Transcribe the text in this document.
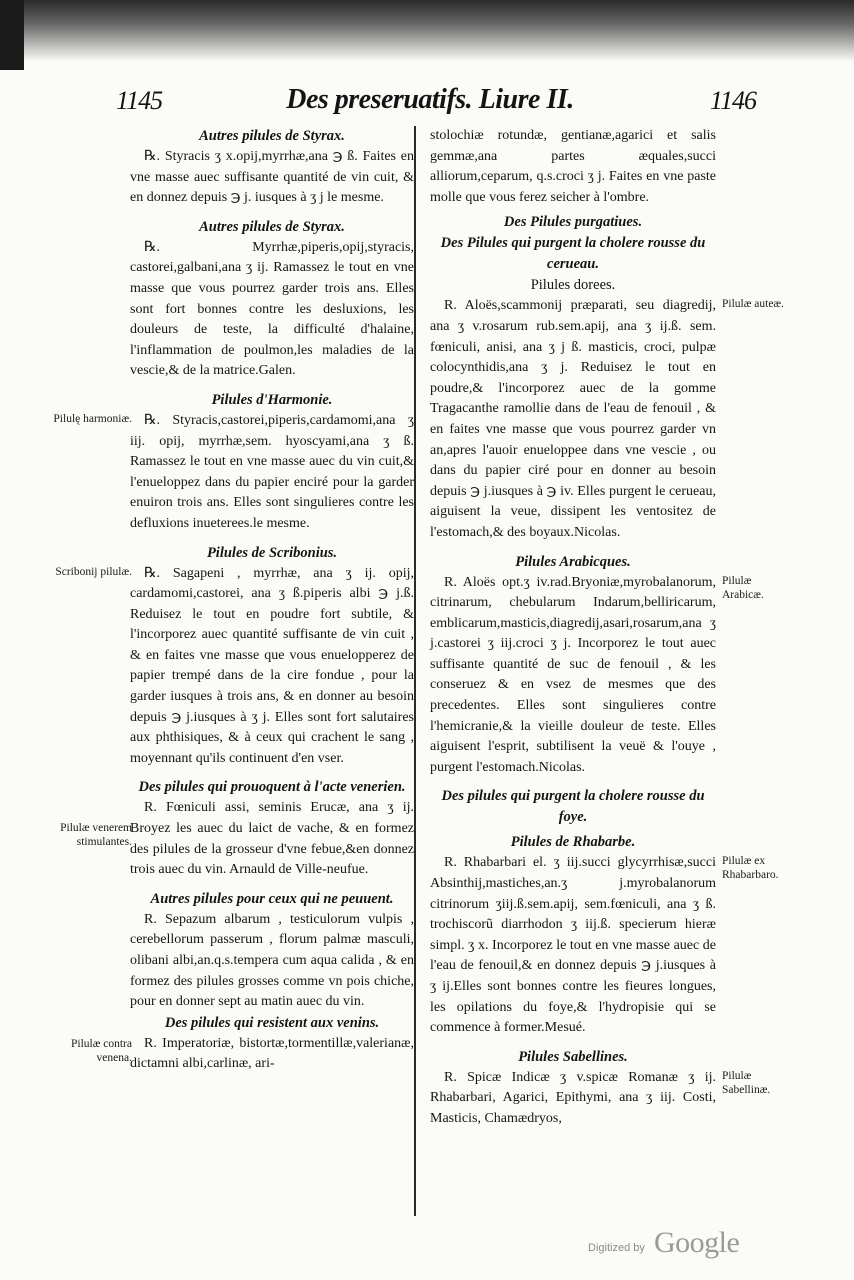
1145	Des preseruatifs. Liure II.	1146

Autres pilules de Styrax.

℞. Styracis ʒ x.opij,myrrhæ,ana ℈ ß. Faites en vne masse auec suffisante quantité de vin cuit, & en donnez depuis ℈ j. iusques à ʒ j le mesme.

Autres pilules de Styrax.

℞. Myrrhæ,piperis,opij,styracis, castorei,galbani,ana ʒ ij. Ramassez le tout en vne masse que vous pourrez garder trois ans. Elles sont fort bonnes contre les desluxions, les douleurs de teste, la difficulté d'halaine, l'inflammation de poulmon,les maladies de la vescie,& de la matrice.Galen.

Pilules d'Harmonie.

Pilulę harmoniæ. ℞. Styracis,castorei,piperis,cardamomi,ana ʒ iij. opij, myrrhæ,sem. hyoscyami,ana ʒ ß. Ramassez le tout en vne masse auec du vin cuit,& l'enueloppez dans du papier enciré pour la garder enuiron trois ans. Elles sont singulieres contre les defluxions inueterees.le mesme.

Pilules de Scribonius.

Scribonij pilulæ. ℞. Sagapeni , myrrhæ, ana ʒ ij. opij, cardamomi,castorei, ana ʒ ß.piperis albi ℈ j.ß. Reduisez le tout en poudre fort subtile, & l'incorporez auec quantité suffisante de vin cuit , & en faites vne masse que vous enuelopperez de papier trempé dans de la cire fondue , pour la garder iusques à trois ans, & en donner au besoin depuis ℈ j.iusques à ʒ j. Elles sont fort salutaires aux phthisiques, & à ceux qui crachent le sang , moyennant qu'ils continuent d'en vser.

Des pilules qui prouoquent à l'acte venerien.

Pilulæ venerem stimulantes.

R. Fœniculi assi, seminis Erucæ, ana ʒ ij. Broyez les auec du laict de vache, & en formez des pilules de la grosseur d'vne febue,&en donnez trois auec du vin. Arnauld de Ville-neufue.

Autres pilules pour ceux qui ne peuuent.

R. Sepazum albarum , testiculorum vulpis , cerebellorum passerum , florum palmæ masculi, olibani albi,an.q.s.tempera cum aqua calida , & en formez des pilules grosses comme vn pois chiche, pour en donner sept au matin auec du vin.

Des pilules qui resistent aux venins.

Pilulæ contra venena.

R. Imperatoriæ, bistortæ,tormentillæ,valerianæ, dictamni albi,carlinæ, ari-

stolochiæ rotundæ, gentianæ,agarici et salis gemmæ,ana partes æquales,succi alliorum,ceparum, q.s.croci ʒ j. Faites en vne paste molle que vous ferez seicher à l'ombre.

Des Pilules purgatiues.

Des Pilules qui purgent la cholere rousse du cerueau.

Pilules dorees.

Pilulæ auteæ.

R. Aloës,scammonij præparati, seu diagredij, ana ʒ v.rosarum rub.sem.apij, ana ʒ ij.ß. sem. fœniculi, anisi, ana ʒ j ß. masticis, croci, pulpæ colocynthidis,ana ʒ j. Reduisez le tout en poudre,& l'incorporez auec de la gomme Tragacanthe ramollie dans de l'eau de fenouil , & en faites vne masse que vous pourrez garder vn an,apres l'auoir enueloppee dans vne vescie , ou dans du papier ciré pour en donner au besoin depuis ℈ j.iusques à ℈ iv. Elles purgent le cerueau, aiguisent la veue, dissipent les ventositez de l'estomach,& des boyaux.Nicolas.

Pilules Arabicques.

Pilulæ Arabicæ.

R. Aloës opt.ʒ iv.rad.Bryoniæ,myrobalanorum, citrinarum, chebularum Indarum,belliricarum, emblicarum,masticis,diagredij,asari,rosarum,ana ʒ j.castorei ʒ iij.croci ʒ j. Incorporez le tout auec suffisante quantité de suc de fenouil , & les conseruez & en vsez de mesmes que des precedentes. Elles sont singulieres contre l'hemicranie,& la vieille douleur de teste. Elles aiguisent l'esprit, subtilisent la veuë & l'ouye , purgent l'estomach.Nicolas.

Des pilules qui purgent la cholere rousse du foye.

Pilules de Rhabarbe.

Pilulæ ex Rhabarbaro.

R. Rhabarbari el. ʒ iij.succi glycyrrhisæ,succi Absinthij,mastiches,an.ʒ j.myrobalanorum citrinorum ʒiij.ß.sem.apij, sem.fœniculi, ana ʒ ß. trochiscorũ diarrhodon ʒ iij.ß. specierum hieræ simpl. ʒ x. Incorporez le tout en vne masse auec de l'eau de fenouil,& en donnez depuis ℈ j.iusques à ʒ ij.Elles sont bonnes contre les fieures longues, les opilations du foye,& l'hydropisie qui se commence à former.Mesué.

Pilules Sabellines.

Pilulæ Sabellinæ.

R. Spicæ Indicæ ʒ v.spicæ Romanæ ʒ ij. Rhabarbari, Agarici, Epithymi, ana ʒ iij. Costi, Masticis, Chamædryos,

Digitized by Google
